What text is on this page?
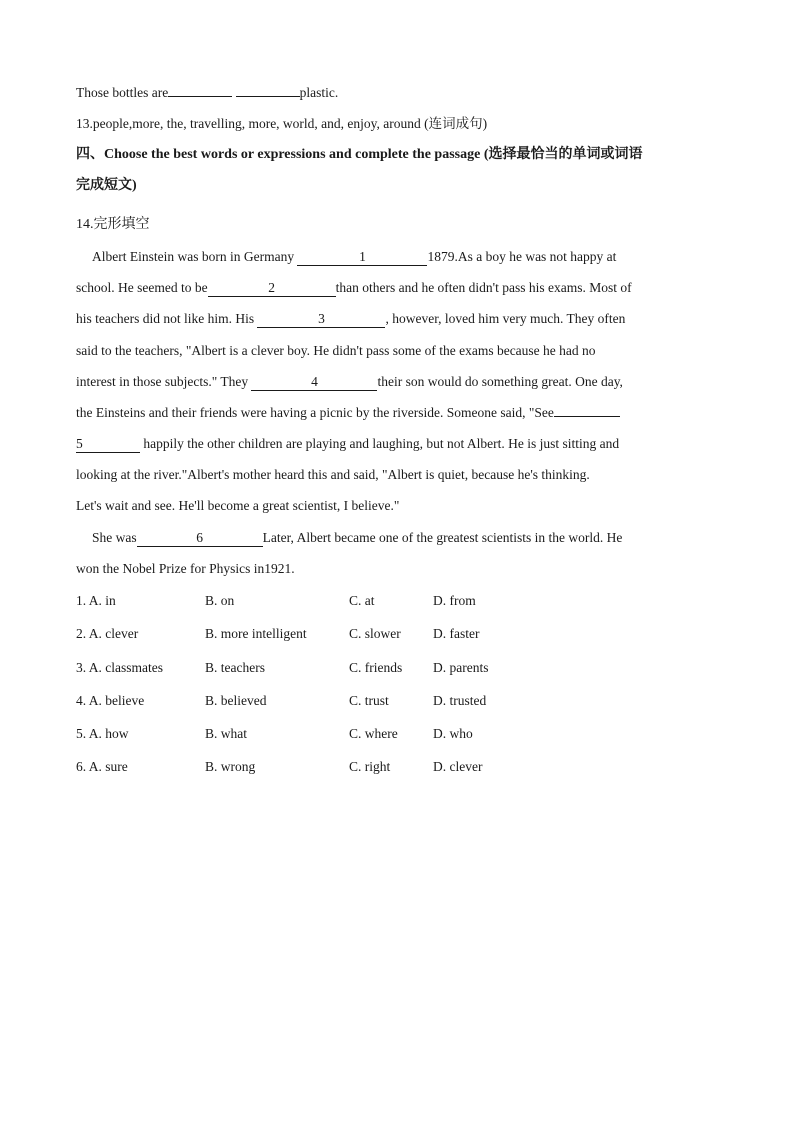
Those bottles are	plastic.
13.people,more, the, travelling, more, world, and, enjoy, around (连词成句)
四、Choose the best words or expressions and complete the passage (选择最恰当的单词或词语
完成短文)
14.完形填空
Albert Einstein was born in Germany	1	1879.As a boy he was not happy at
school. He seemed to be	2	than others and he often didn't pass his exams. Most of
his teachers did not like him. His	3	, however, loved him very much. They often
said to the teachers, "Albert is a clever boy. He didn't pass some of the exams because he had no
interest in those subjects." They	4	their son would do something great. One day,
the Einsteins and their friends were having a picnic by the riverside. Someone said, "See
5	happily the other children are playing and laughing, but not Albert. He is just sitting and
looking at the river."Albert's mother heard this and said, "Albert is quiet, because he's thinking.
Let's wait and see. He'll become a great scientist, I believe."
She was	6	Later, Albert became one of the greatest scientists in the world. He
won the Nobel Prize for Physics in1921.
1. A. in	B. on	C. at	D. from
2. A. clever	B. more intelligent	C. slower D. faster
3. A. classmates	B. teachers	C. friends D. parents
4. A. believe	B. believed	C. trust	D. trusted
5. A. how	B. what	C. where	D. who
6. A. sure	B. wrong	C. right	D. clever
